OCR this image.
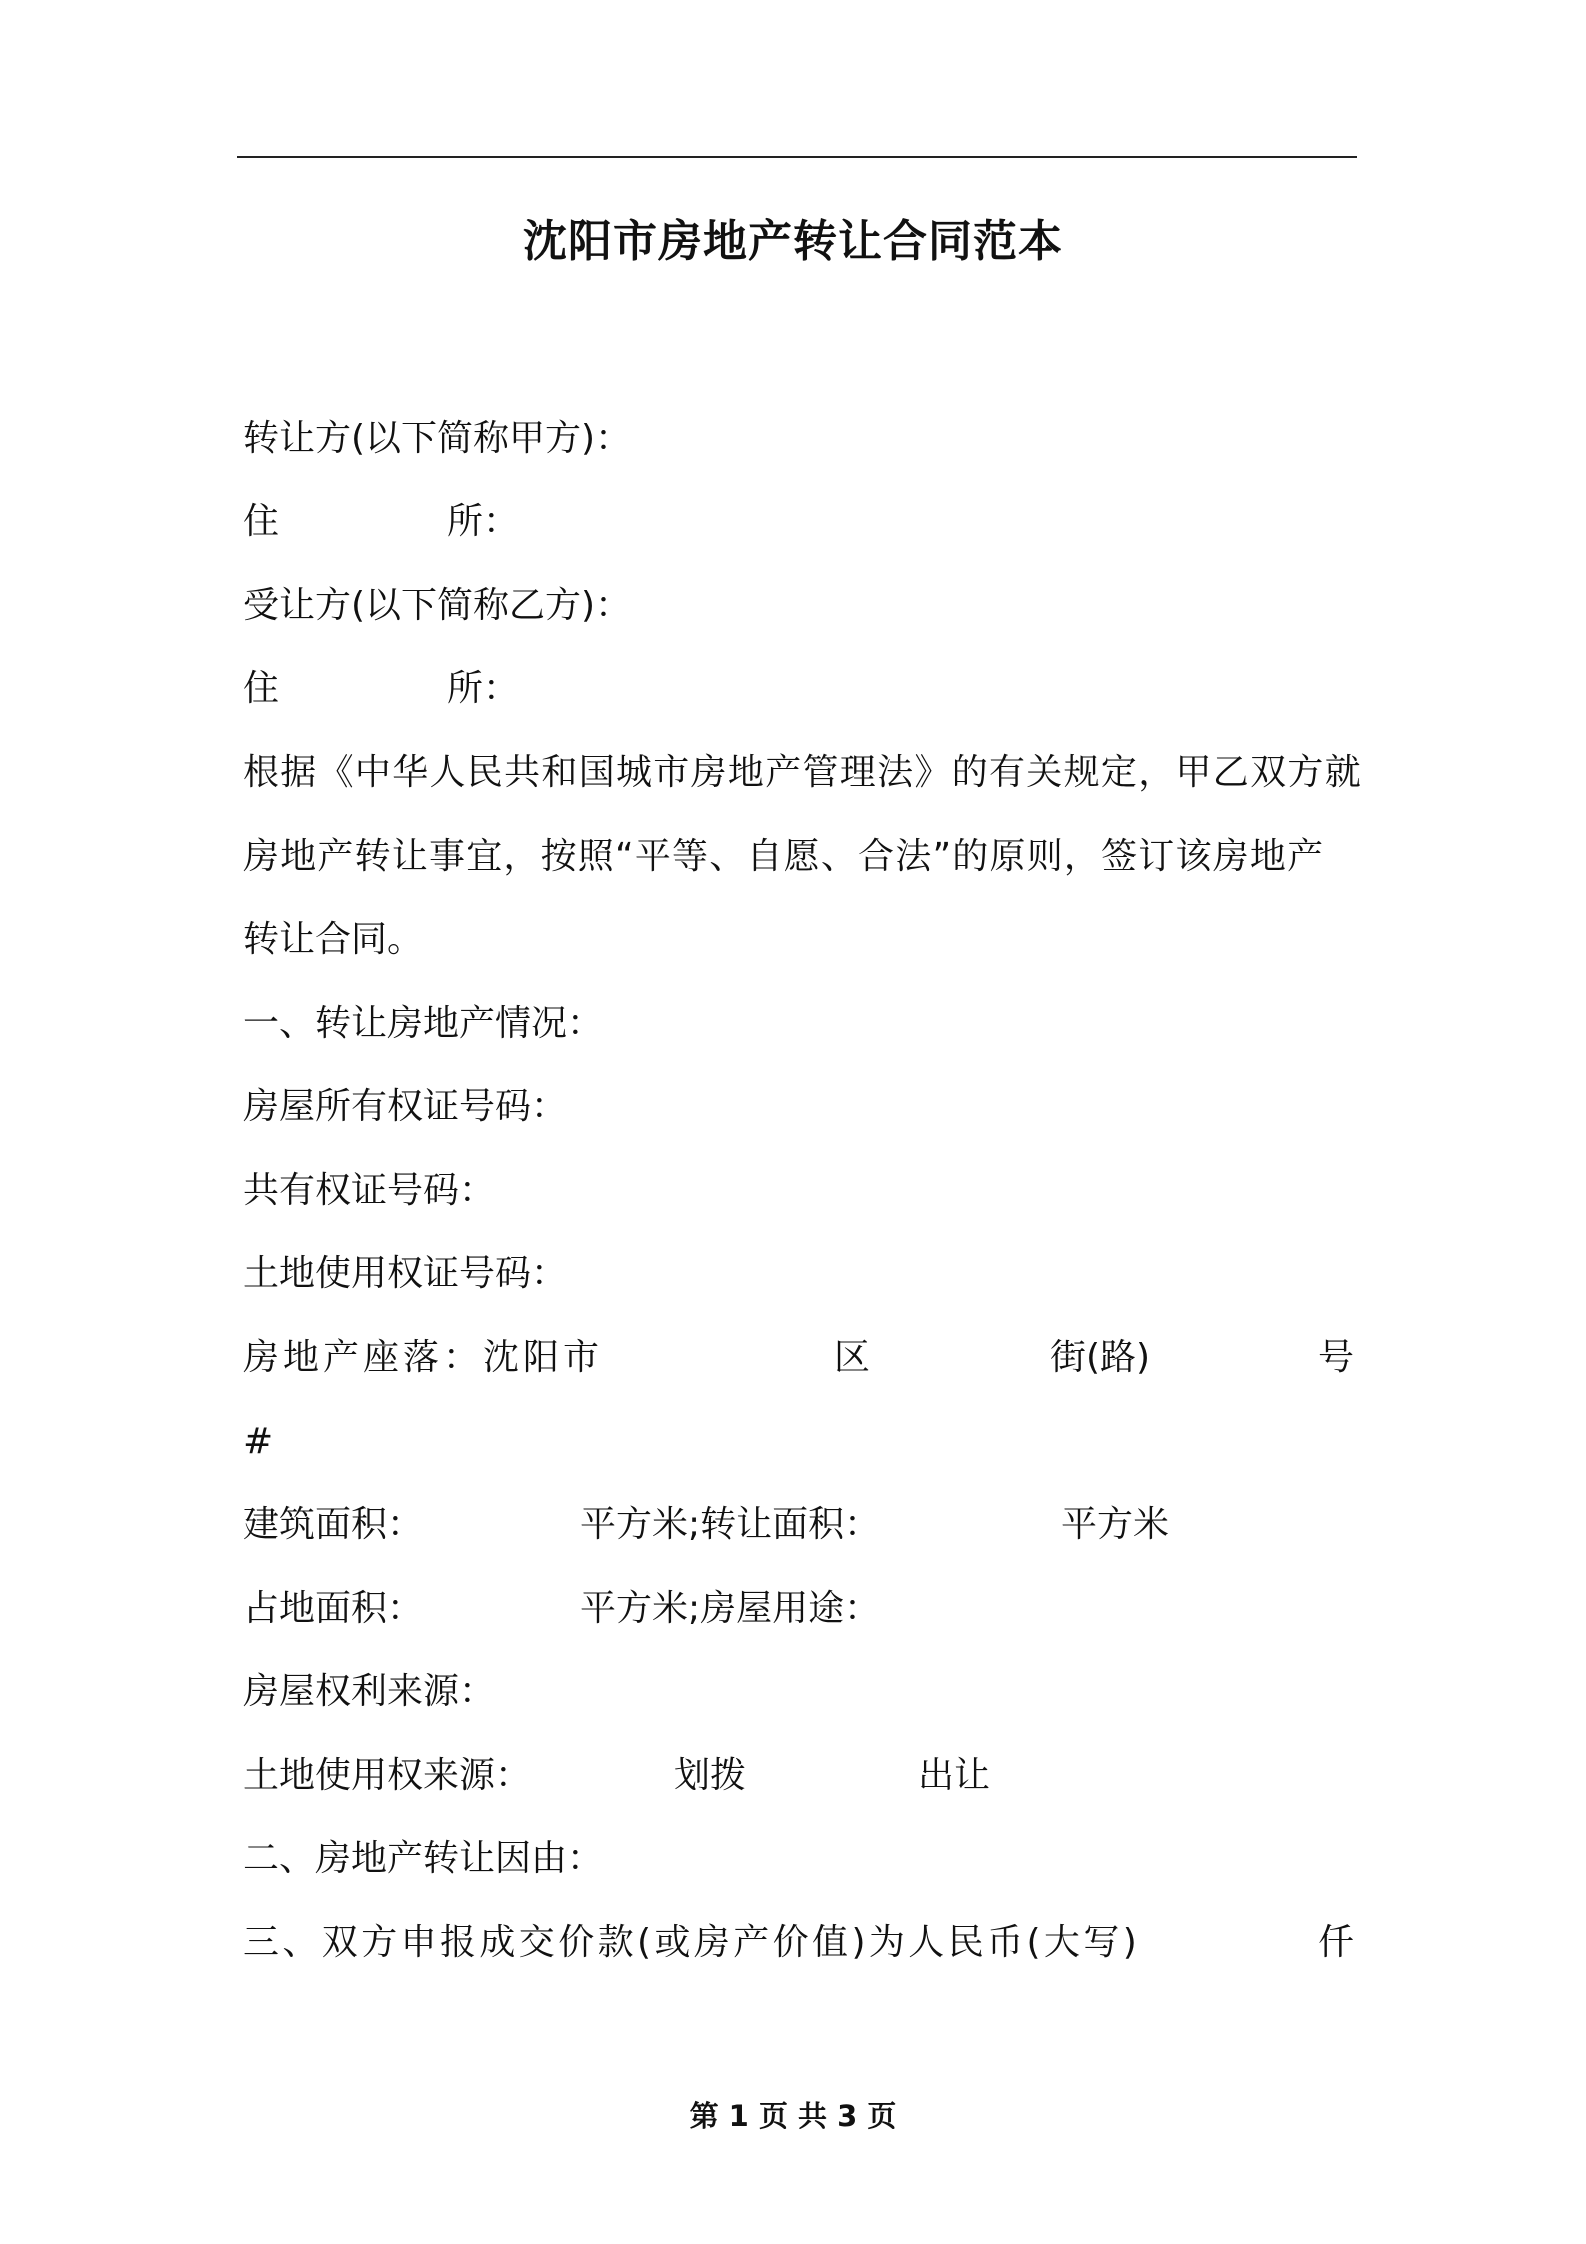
沈阳市房地产转让合同范本
转让方(以下简称甲方)：
住	所：
受让方(以下简称乙方)：
住	所：
根据《中华人民共和国城市房地产管理法》的有关规定，甲乙双方就
房地产转让事宜，按照“平等、自愿、合法”的原则，签订该房地产
转让合同。
一、转让房地产情况：
房屋所有权证号码：
共有权证号码：
土地使用权证号码：
房地产座落：沈阳市	区	街(路)	号
#
建筑面积：	平方米;转让面积：	平方米
占地面积：	平方米;房屋用途：
房屋权利来源：
土地使用权来源：	划拨	出让
二、房地产转让因由：
三、双方申报成交价款(或房产价值)为人民币(大写)	仟
第 1 页 共 3 页
